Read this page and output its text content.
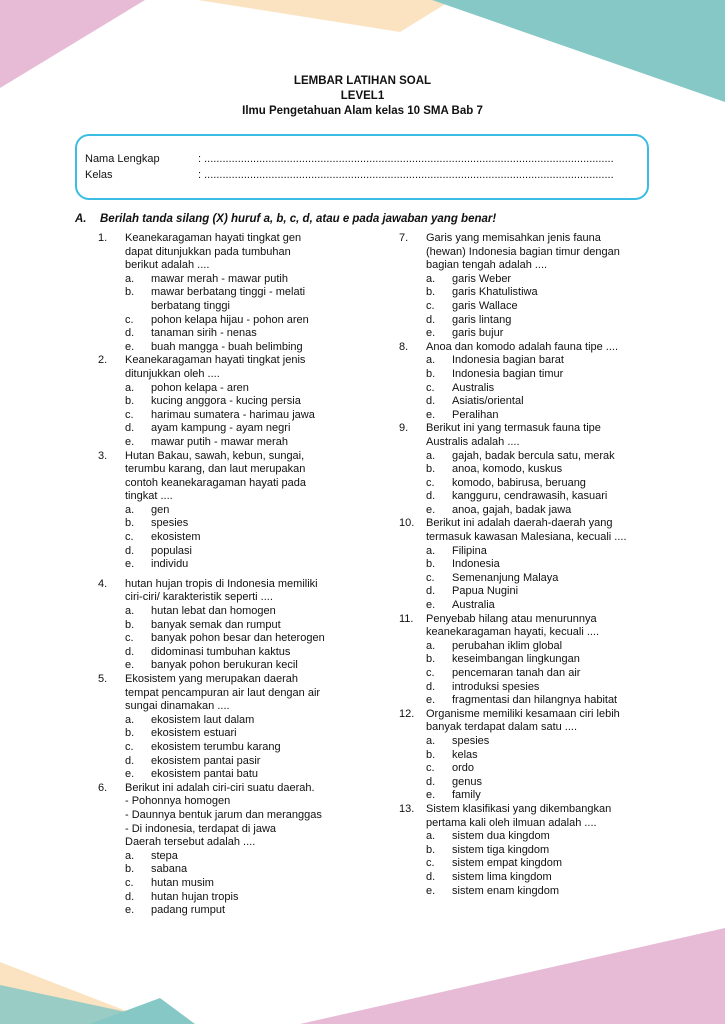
LEMBAR LATIHAN SOAL
LEVEL1
Ilmu Pengetahuan Alam kelas 10 SMA Bab 7
Nama Lengkap	: ......................................................................................................................................
Kelas	: ......................................................................................................................................
A. Berilah tanda silang (X) huruf a, b, c, d, atau e pada jawaban yang benar!
1.	Keanekaragaman hayati tingkat gen
dapat ditunjukkan pada tumbuhan
berikut adalah ....
a.	mawar merah - mawar putih
b.	mawar berbatang tinggi - melati berbatang tinggi
c.	pohon kelapa hijau - pohon aren
d.	tanaman sirih - nenas
e.	buah mangga - buah belimbing
2.	Keanekaragaman hayati tingkat jenis
ditunjukkan oleh ....
a.	pohon kelapa - aren
b.	kucing anggora - kucing persia
c.	harimau sumatera - harimau jawa
d.	ayam kampung - ayam negri
e.	mawar putih - mawar merah
3.	Hutan Bakau, sawah, kebun, sungai,
terumbu karang, dan laut merupakan
contoh keanekaragaman hayati pada
tingkat ....
a.	gen
b.	spesies
c.	ekosistem
d.	populasi
e.	individu
4.	hutan hujan tropis di Indonesia memiliki
ciri-ciri/ karakteristik seperti ....
a.	hutan lebat dan homogen
b.	banyak semak dan rumput
c.	banyak pohon besar dan heterogen
d.	didominasi tumbuhan kaktus
e.	banyak pohon berukuran kecil
5.	Ekosistem yang merupakan daerah
tempat pencampuran air laut dengan air
sungai dinamakan ....
a.	ekosistem laut dalam
b.	ekosistem estuari
c.	ekosistem terumbu karang
d.	ekosistem pantai pasir
e.	ekosistem pantai batu
6.	Berikut ini adalah ciri-ciri suatu daerah.
- Pohonnya homogen
- Daunnya bentuk jarum dan meranggas
- Di indonesia, terdapat di jawa
Daerah tersebut adalah ....
a.	stepa
b.	sabana
c.	hutan musim
d.	hutan hujan tropis
e.	padang rumput
7.	Garis yang memisahkan jenis fauna
(hewan) Indonesia bagian timur dengan
bagian tengah adalah ....
a.	garis Weber
b.	garis Khatulistiwa
c.	garis Wallace
d.	garis lintang
e.	garis bujur
8.	Anoa dan komodo adalah fauna tipe ....
a.	Indonesia bagian barat
b.	Indonesia bagian timur
c.	Australis
d.	Asiatis/oriental
e.	Peralihan
9.	Berikut ini yang termasuk fauna tipe
Australis adalah ....
a.	gajah, badak bercula satu, merak
b.	anoa, komodo, kuskus
c.	komodo, babirusa, beruang
d.	kangguru, cendrawasih, kasuari
e.	anoa, gajah, badak jawa
10.	Berikut ini adalah daerah-daerah yang
termasuk kawasan Malesiana, kecuali ....
a.	Filipina
b.	Indonesia
c.	Semenanjung Malaya
d.	Papua Nugini
e.	Australia
11.	Penyebab hilang atau menurunnya
keanekaragaman hayati, kecuali ....
a.	perubahan iklim global
b.	keseimbangan lingkungan
c.	pencemaran tanah dan air
d.	introduksi spesies
e.	fragmentasi dan hilangnya habitat
12.	Organisme memiliki kesamaan ciri lebih
banyak terdapat dalam satu ....
a.	spesies
b.	kelas
c.	ordo
d.	genus
e.	family
13.	Sistem klasifikasi yang dikembangkan
pertama kali oleh ilmuan adalah ....
a.	sistem dua kingdom
b.	sistem tiga kingdom
c.	sistem empat kingdom
d.	sistem lima kingdom
e.	sistem enam kingdom
